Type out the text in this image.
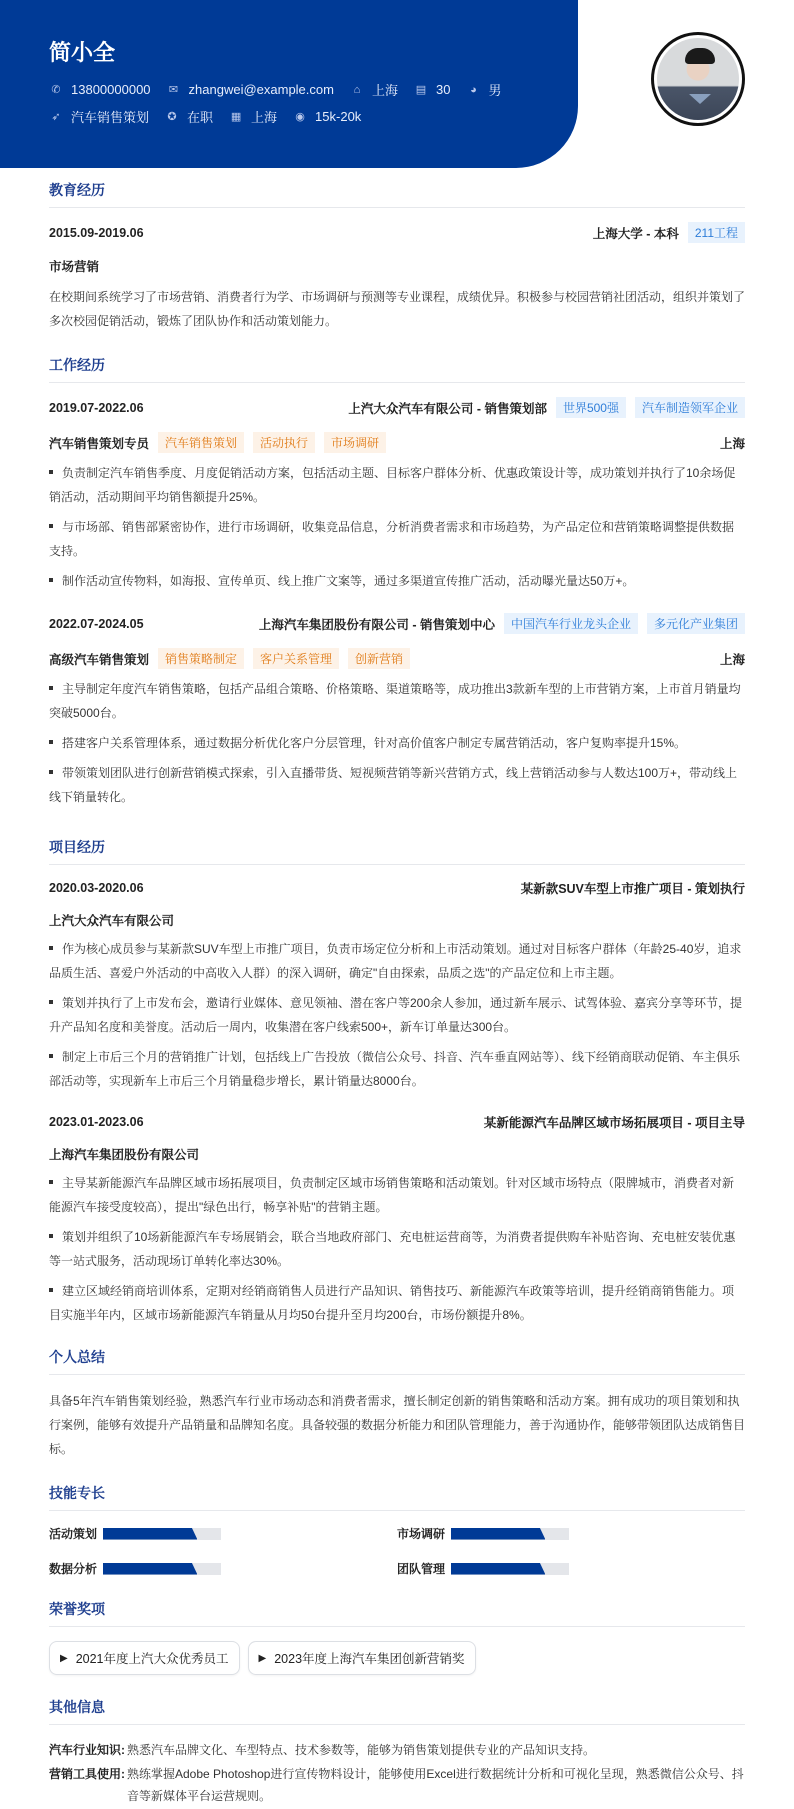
简小全
✆ 13800000000 ✉ zhangwei@example.com	⌂ 上海 ▤ 30	◕ 男
➶ 汽车销售策划 ✪ 在职 ▦ 上海 ◉ 15k-20k
教育经历
2015.09-2019.06	上海大学 - 本科	211工程
市场营销
在校期间系统学习了市场营销、消费者行为学、市场调研与预测等专业课程，成绩优异。积极参与校园营销社团活动，组织并策划了多次校园促销活动，锻炼了团队协作和活动策划能力。
工作经历
2019.07-2022.06	上汽大众汽车有限公司 - 销售策划部	世界500强	汽车制造领军企业
汽车销售策划专员	汽车销售策划	活动执行	市场调研	上海
负责制定汽车销售季度、月度促销活动方案，包括活动主题、目标客户群体分析、优惠政策设计等，成功策划并执行了10余场促销活动，活动期间平均销售额提升25%。
与市场部、销售部紧密协作，进行市场调研，收集竞品信息，分析消费者需求和市场趋势，为产品定位和营销策略调整提供数据支持。
制作活动宣传物料，如海报、宣传单页、线上推广文案等，通过多渠道宣传推广活动，活动曝光量达50万+。
2022.07-2024.05	上海汽车集团股份有限公司 - 销售策划中心	中国汽车行业龙头企业	多元化产业集团
高级汽车销售策划	销售策略制定	客户关系管理	创新营销	上海
主导制定年度汽车销售策略，包括产品组合策略、价格策略、渠道策略等，成功推出3款新车型的上市营销方案，上市首月销量均突破5000台。
搭建客户关系管理体系，通过数据分析优化客户分层管理，针对高价值客户制定专属营销活动，客户复购率提升15%。
带领策划团队进行创新营销模式探索，引入直播带货、短视频营销等新兴营销方式，线上营销活动参与人数达100万+，带动线上线下销量转化。
项目经历
2020.03-2020.06	某新款SUV车型上市推广项目 - 策划执行
上汽大众汽车有限公司
作为核心成员参与某新款SUV车型上市推广项目，负责市场定位分析和上市活动策划。通过对目标客户群体（年龄25-40岁，追求品质生活、喜爱户外活动的中高收入人群）的深入调研，确定"自由探索，品质之选"的产品定位和上市主题。
策划并执行了上市发布会，邀请行业媒体、意见领袖、潜在客户等200余人参加，通过新车展示、试驾体验、嘉宾分享等环节，提升产品知名度和美誉度。活动后一周内，收集潜在客户线索500+，新车订单量达300台。
制定上市后三个月的营销推广计划，包括线上广告投放（微信公众号、抖音、汽车垂直网站等）、线下经销商联动促销、车主俱乐部活动等，实现新车上市后三个月销量稳步增长，累计销量达8000台。
2023.01-2023.06	某新能源汽车品牌区域市场拓展项目 - 项目主导
上海汽车集团股份有限公司
主导某新能源汽车品牌区域市场拓展项目，负责制定区域市场销售策略和活动策划。针对区域市场特点（限牌城市，消费者对新能源汽车接受度较高），提出"绿色出行，畅享补贴"的营销主题。
策划并组织了10场新能源汽车专场展销会，联合当地政府部门、充电桩运营商等，为消费者提供购车补贴咨询、充电桩安装优惠等一站式服务，活动现场订单转化率达30%。
建立区域经销商培训体系，定期对经销商销售人员进行产品知识、销售技巧、新能源汽车政策等培训，提升经销商销售能力。项目实施半年内，区域市场新能源汽车销量从月均50台提升至月均200台，市场份额提升8%。
个人总结
具备5年汽车销售策划经验，熟悉汽车行业市场动态和消费者需求，擅长制定创新的销售策略和活动方案。拥有成功的项目策划和执行案例，能够有效提升产品销量和品牌知名度。具备较强的数据分析能力和团队管理能力，善于沟通协作，能够带领团队达成销售目标。
技能专长
活动策划	市场调研
数据分析	团队管理
荣誉奖项
▶ 2021年度上汽大众优秀员工	▶ 2023年度上海汽车集团创新营销奖
其他信息
汽车行业知识: 熟悉汽车品牌文化、车型特点、技术参数等，能够为销售策划提供专业的产品知识支持。
营销工具使用: 熟练掌握Adobe Photoshop进行宣传物料设计，能够使用Excel进行数据统计分析和可视化呈现，熟悉微信公众号、抖音等新媒体平台运营规则。
